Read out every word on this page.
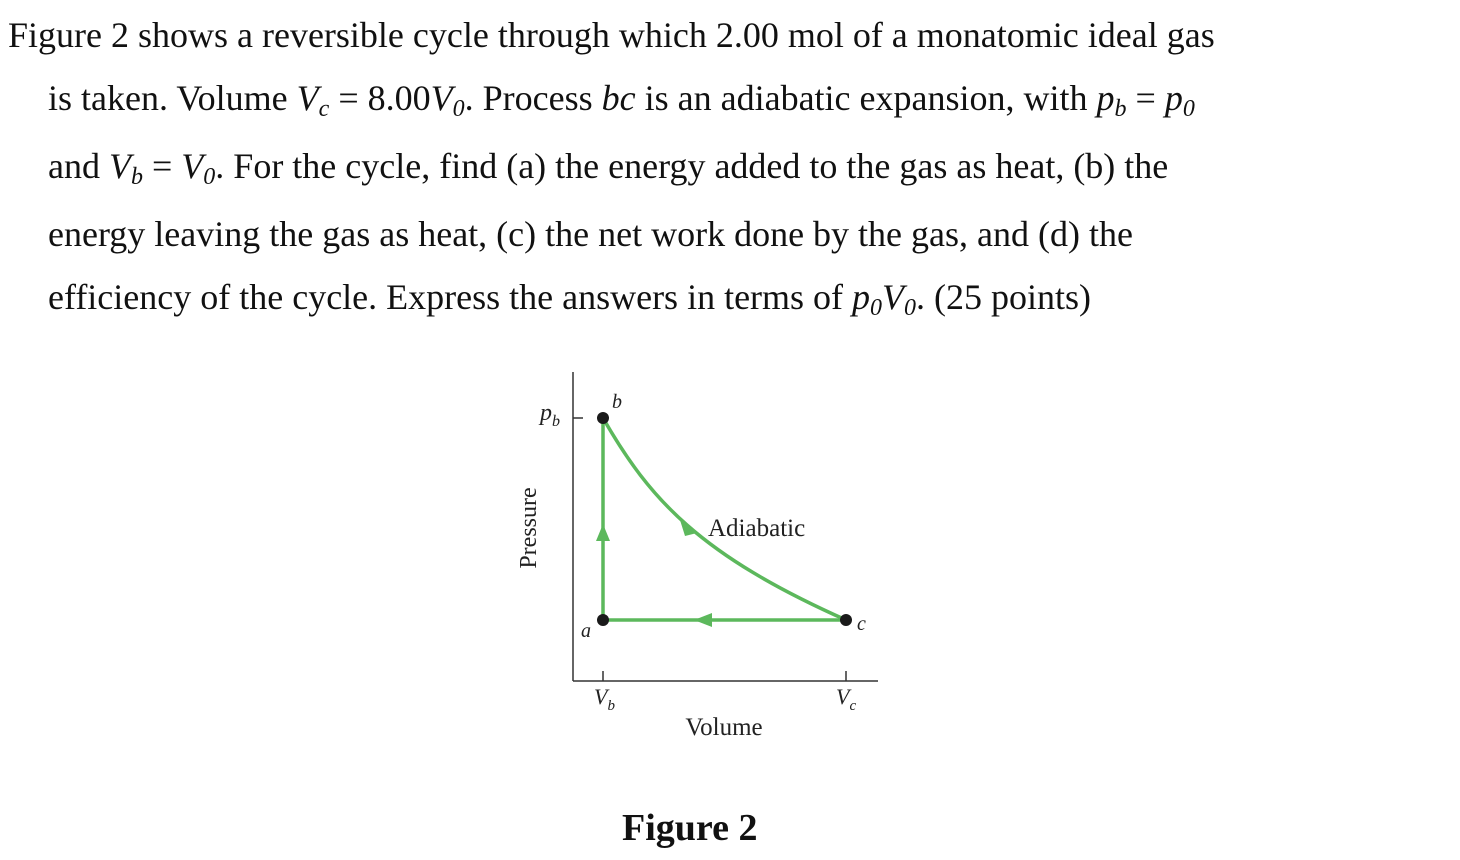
Figure 2 shows a reversible cycle through which 2.00 mol of a monatomic ideal gas
is taken. Volume Vc = 8.00V0. Process bc is an adiabatic expansion, with pb = p0
and Vb = V0. For the cycle, find (a) the energy added to the gas as heat, (b) the
energy leaving the gas as heat, (c) the net work done by the gas, and (d) the
efficiency of the cycle. Express the answers in terms of p0V0. (25 points)
$p_b$
$V_b$	$V_c$
Pressure
Volume
Adiabatic
a
b
c
Figure 2
